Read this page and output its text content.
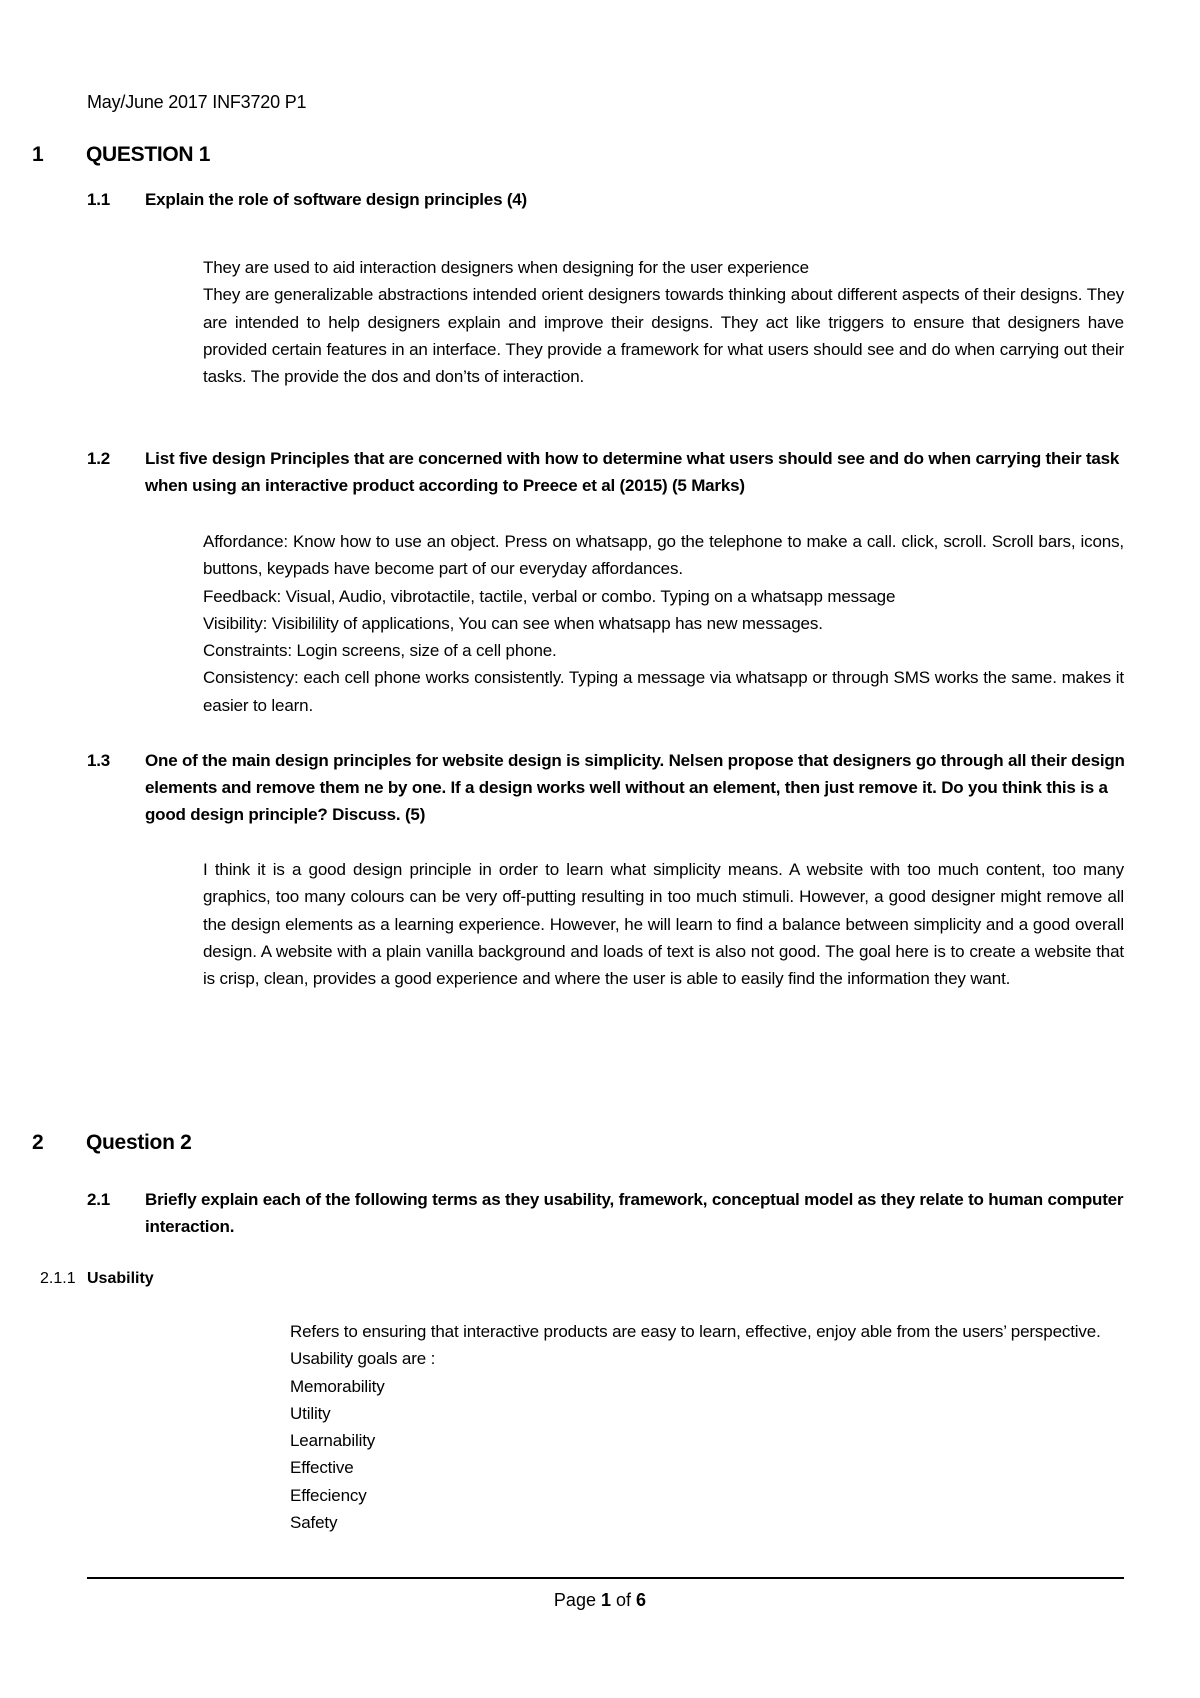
May/June 2017 INF3720 P1
1 QUESTION 1
1.1 Explain the role of software design principles (4)
They are used to aid interaction designers when designing for the user experience

They are generalizable abstractions intended orient designers towards thinking about different aspects of their designs. They are intended to help designers explain and improve their designs. They act like triggers to ensure that designers have provided certain features in an interface. They provide a framework for what users should see and do when carrying out their tasks. The provide the dos and don’ts of interaction.

1.2 List five design Principles that are concerned with how to determine what users should see and do when carrying their task when using an interactive product according to Preece et al (2015) (5 Marks)

Affordance: Know how to use an object. Press on whatsapp, go the telephone to make a call. click, scroll. Scroll bars, icons, buttons, keypads have become part of our everyday affordances.

Feedback: Visual, Audio, vibrotactile, tactile, verbal or combo. Typing on a whatsapp message

Visibility: Visibilility of applications, You can see when whatsapp has new messages.

Constraints: Login screens, size of a cell phone.

Consistency: each cell phone works consistently. Typing a message via whatsapp or through SMS works the same. makes it easier to learn.

1.3 One of the main design principles for website design is simplicity. Nelsen propose that designers go through all their design elements and remove them ne by one. If a design works well without an element, then just remove it. Do you think this is a good design principle? Discuss. (5)

I think it is a good design principle in order to learn what simplicity means. A website with too much content, too many graphics, too many colours can be very off-putting resulting in too much stimuli. However, a good designer might remove all the design elements as a learning experience. However, he will learn to find a balance between simplicity and a good overall design. A website with a plain vanilla background and loads of text is also not good. The goal here is to create a website that is crisp, clean, provides a good experience and where the user is able to easily find the information they want.

2 Question 2
2.1 Briefly explain each of the following terms as they usability, framework, conceptual model as they relate to human computer interaction.
2.1.1 Usability

Refers to ensuring that interactive products are easy to learn, effective, enjoy able from the users’ perspective. Usability goals are :

Memorability
Utility
Learnability
Effective
Effeciency
Safety
Page 1 of 6
